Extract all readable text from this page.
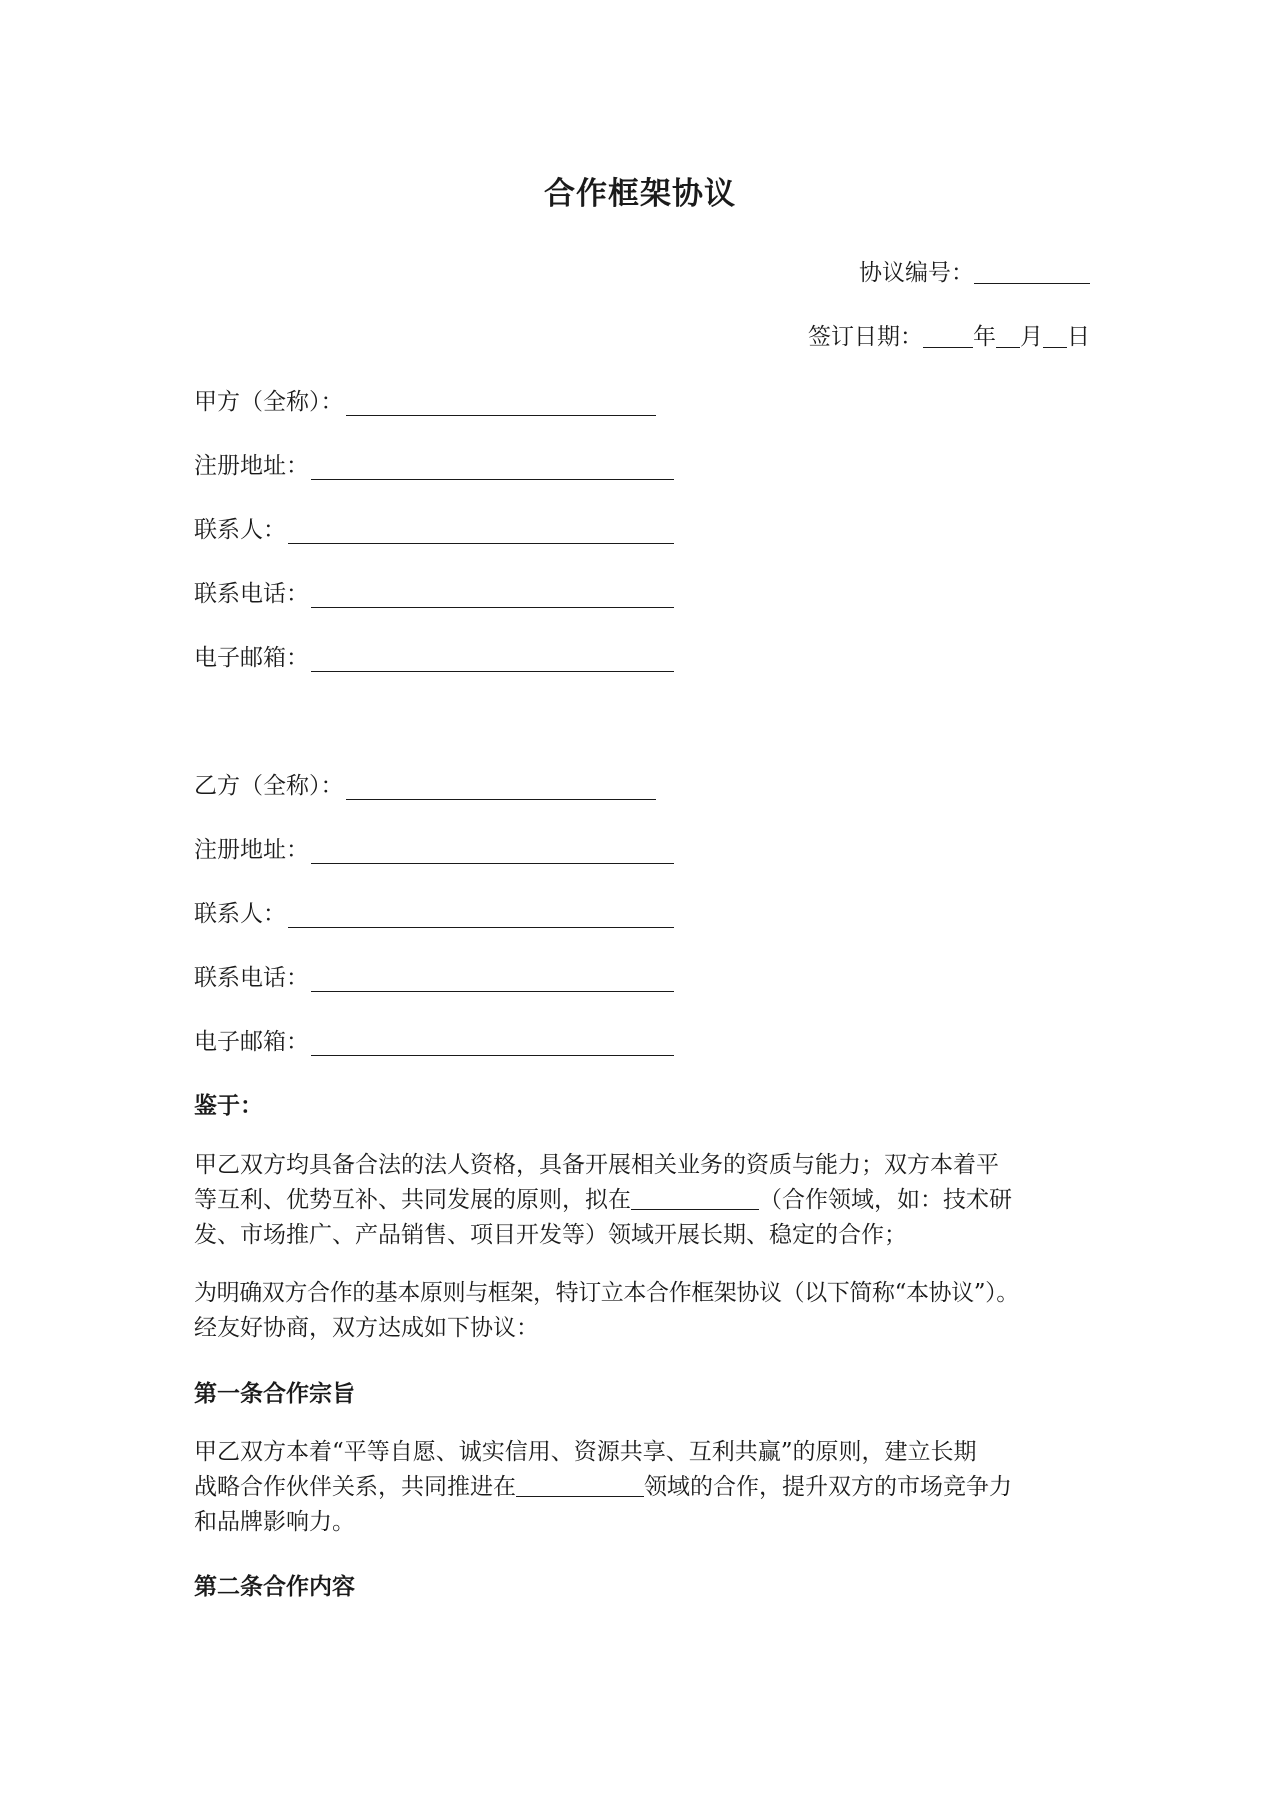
合作框架协议
协议编号：
签订日期： 年 月 日
甲方（全称）：
注册地址：
联系人：
联系电话：
电子邮箱：
乙方（全称）：
注册地址：
联系人：
联系电话：
电子邮箱：
鉴于：
甲乙双方均具备合法的法人资格，具备开展相关业务的资质与能力；双方本着平
等互利、优势互补、共同发展的原则，拟在	（合作领域，如：技术研
发、市场推广、产品销售、项目开发等）领域开展长期、稳定的合作；
为明确双方合作的基本原则与框架，特订立本合作框架协议（以下简称“本协议”）。
经友好协商，双方达成如下协议：
第一条合作宗旨
甲乙双方本着“平等自愿、诚实信用、资源共享、互利共赢”的原则，建立长期
战略合作伙伴关系，共同推进在	领域的合作，提升双方的市场竞争力
和品牌影响力。
第二条合作内容
